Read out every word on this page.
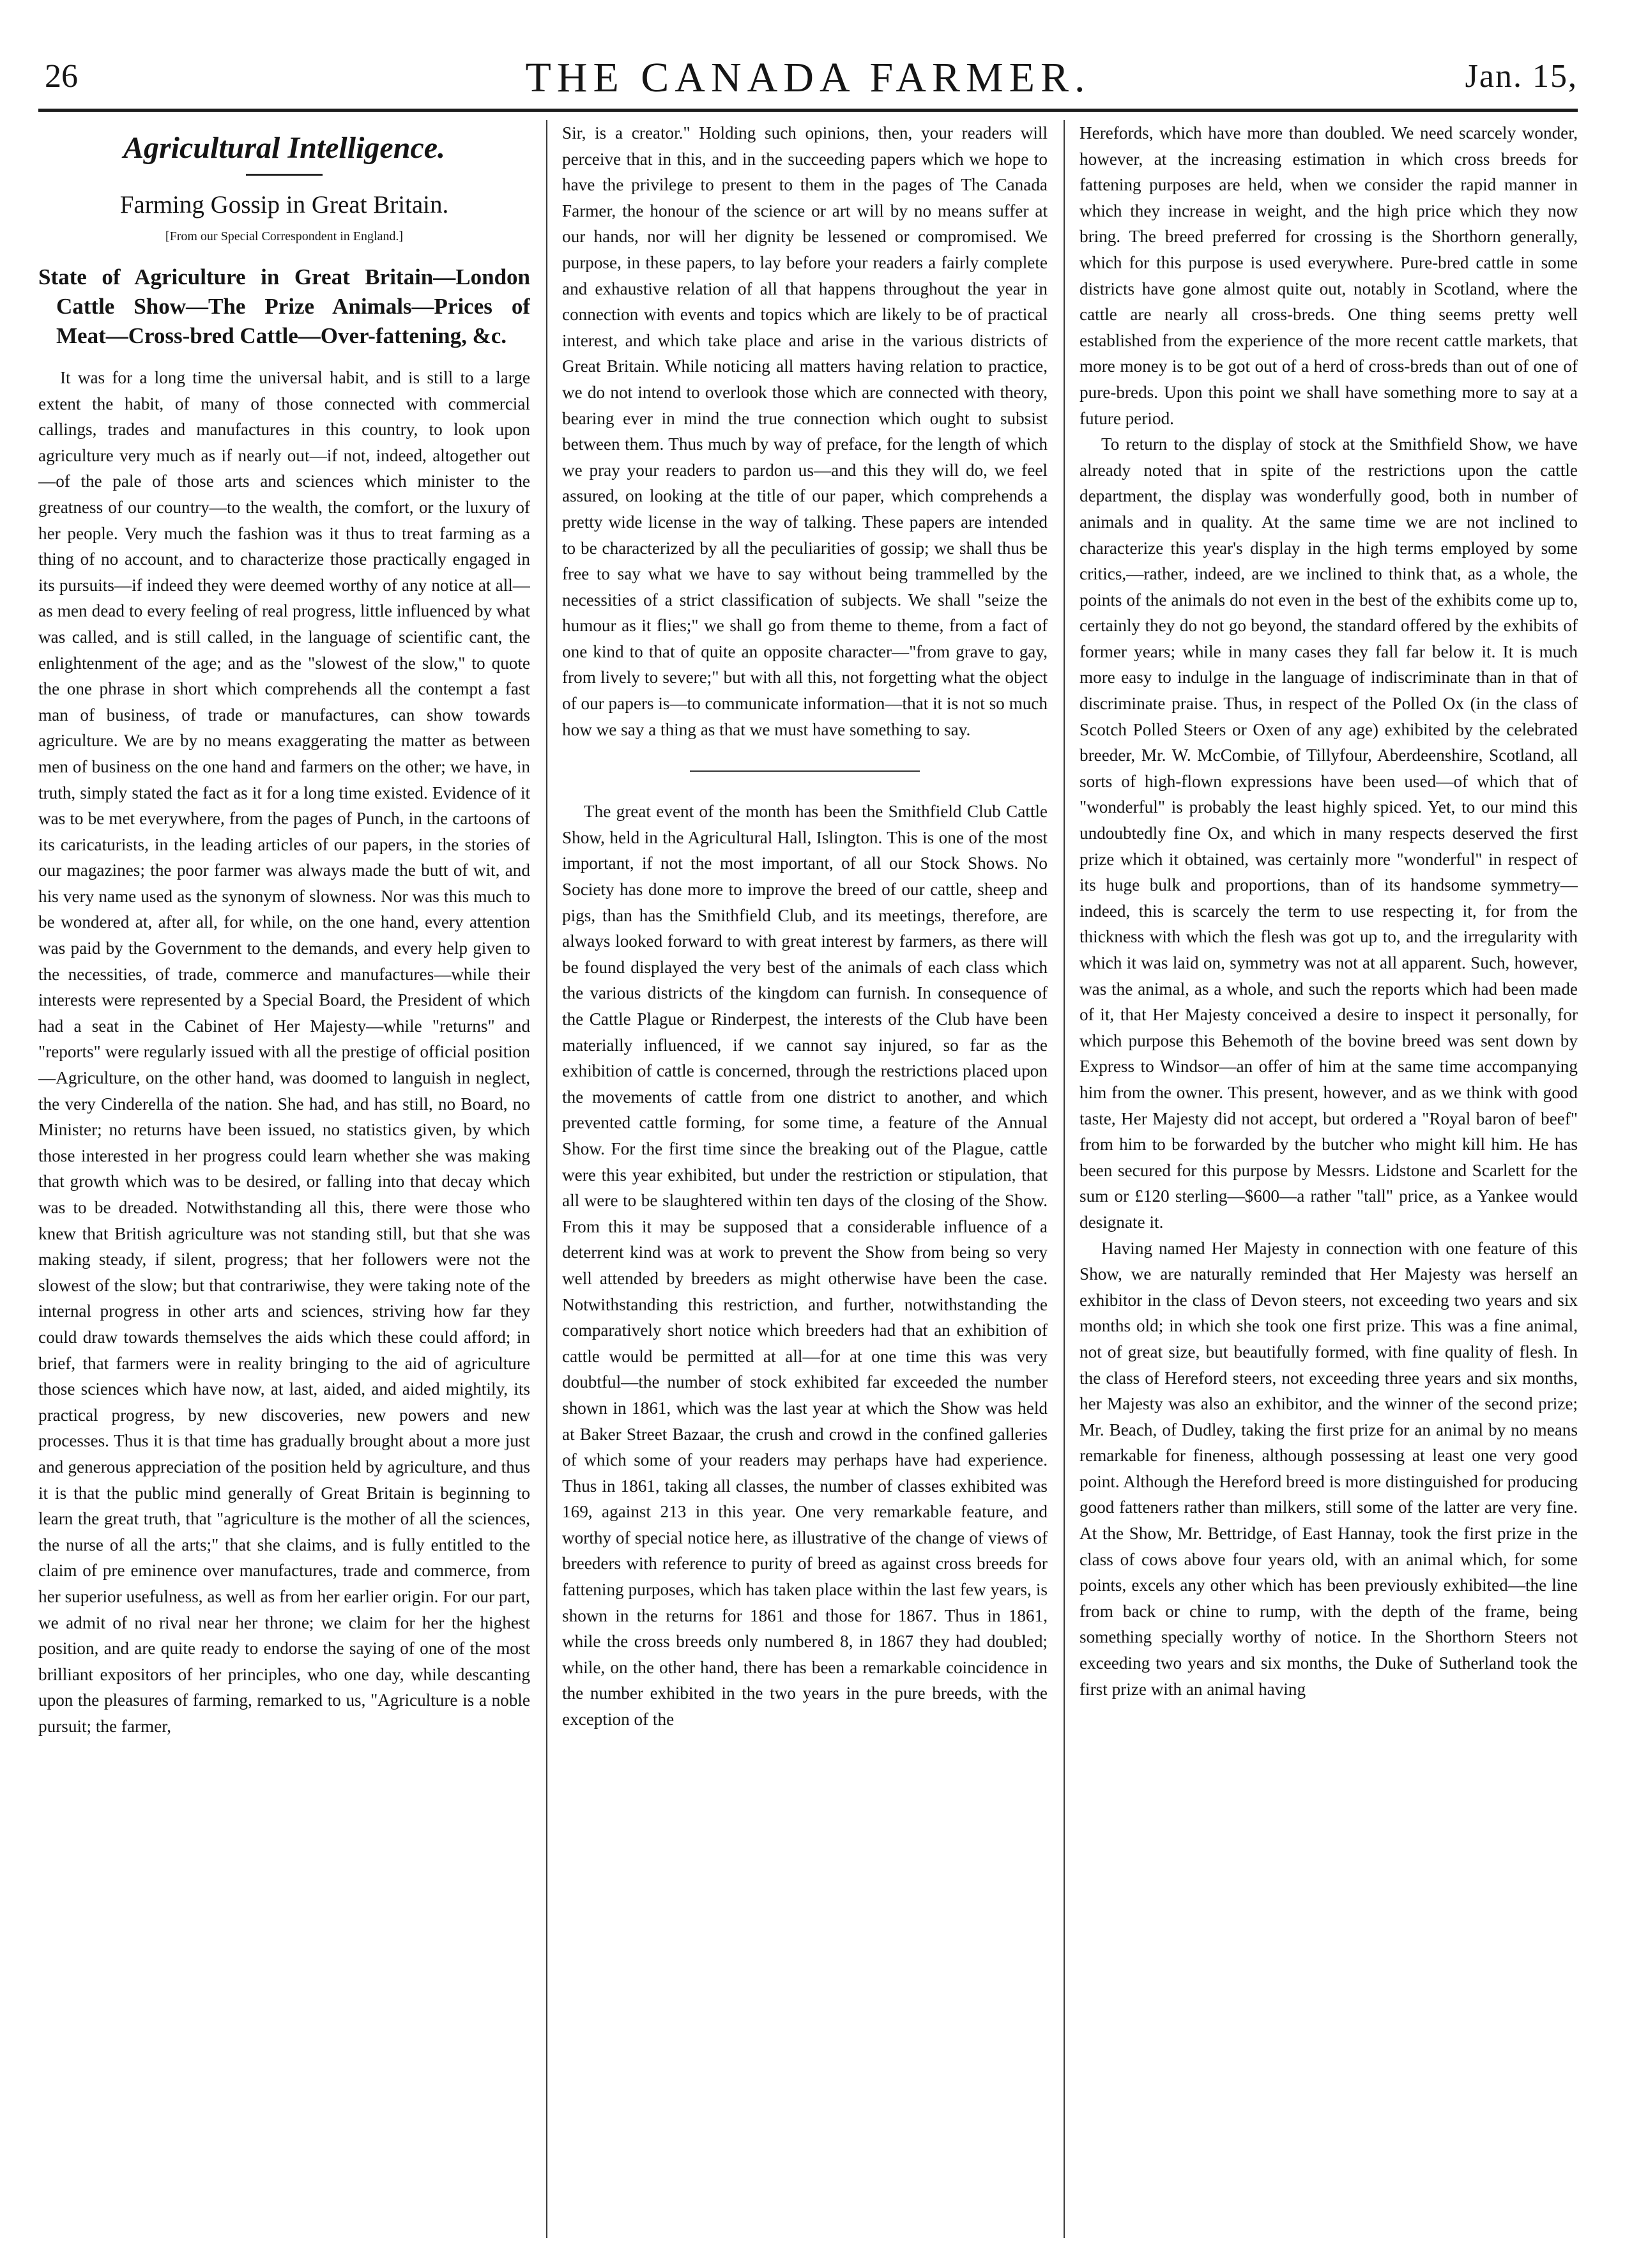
26	THE CANADA FARMER.	Jan. 15,

Agricultural Intelligence.

Farming Gossip in Great Britain.

[From our Special Correspondent in England.]

State of Agriculture in Great Britain—London Cattle Show—The Prize Animals—Prices of Meat—Cross-bred Cattle—Over-fattening, &c.

It was for a long time the universal habit, and is still to a large extent the habit, of many of those connected with commercial callings, trades and manufactures in this country, to look upon agriculture very much as if nearly out—if not, indeed, altogether out—of the pale of those arts and sciences which minister to the greatness of our country—to the wealth, the comfort, or the luxury of her people. Very much the fashion was it thus to treat farming as a thing of no account, and to characterize those practically engaged in its pursuits—if indeed they were deemed worthy of any notice at all—as men dead to every feeling of real progress, little influenced by what was called, and is still called, in the language of scientific cant, the enlightenment of the age; and as the "slowest of the slow," to quote the one phrase in short which comprehends all the contempt a fast man of business, of trade or manufactures, can show towards agriculture. We are by no means exaggerating the matter as between men of business on the one hand and farmers on the other; we have, in truth, simply stated the fact as it for a long time existed. Evidence of it was to be met everywhere, from the pages of Punch, in the cartoons of its caricaturists, in the leading articles of our papers, in the stories of our magazines; the poor farmer was always made the butt of wit, and his very name used as the synonym of slowness. Nor was this much to be wondered at, after all, for while, on the one hand, every attention was paid by the Government to the demands, and every help given to the necessities, of trade, commerce and manufactures—while their interests were represented by a Special Board, the President of which had a seat in the Cabinet of Her Majesty—while "returns" and "reports" were regularly issued with all the prestige of official position—Agriculture, on the other hand, was doomed to languish in neglect, the very Cinderella of the nation. She had, and has still, no Board, no Minister; no returns have been issued, no statistics given, by which those interested in her progress could learn whether she was making that growth which was to be desired, or falling into that decay which was to be dreaded. Notwithstanding all this, there were those who knew that British agriculture was not standing still, but that she was making steady, if silent, progress; that her followers were not the slowest of the slow; but that contrariwise, they were taking note of the internal progress in other arts and sciences, striving how far they could draw towards themselves the aids which these could afford; in brief, that farmers were in reality bringing to the aid of agriculture those sciences which have now, at last, aided, and aided mightily, its practical progress, by new discoveries, new powers and new processes. Thus it is that time has gradually brought about a more just and generous appreciation of the position held by agriculture, and thus it is that the public mind generally of Great Britain is beginning to learn the great truth, that "agriculture is the mother of all the sciences, the nurse of all the arts;" that she claims, and is fully entitled to the claim of pre eminence over manufactures, trade and commerce, from her superior usefulness, as well as from her earlier origin. For our part, we admit of no rival near her throne; we claim for her the highest position, and are quite ready to endorse the saying of one of the most brilliant expositors of her principles, who one day, while descanting upon the pleasures of farming, remarked to us, "Agriculture is a noble pursuit; the farmer,

Sir, is a creator." Holding such opinions, then, your readers will perceive that in this, and in the succeeding papers which we hope to have the privilege to present to them in the pages of The Canada Farmer, the honour of the science or art will by no means suffer at our hands, nor will her dignity be lessened or compromised. We purpose, in these papers, to lay before your readers a fairly complete and exhaustive relation of all that happens throughout the year in connection with events and topics which are likely to be of practical interest, and which take place and arise in the various districts of Great Britain. While noticing all matters having relation to practice, we do not intend to overlook those which are connected with theory, bearing ever in mind the true connection which ought to subsist between them. Thus much by way of preface, for the length of which we pray your readers to pardon us—and this they will do, we feel assured, on looking at the title of our paper, which comprehends a pretty wide license in the way of talking. These papers are intended to be characterized by all the peculiarities of gossip; we shall thus be free to say what we have to say without being trammelled by the necessities of a strict classification of subjects. We shall "seize the humour as it flies;" we shall go from theme to theme, from a fact of one kind to that of quite an opposite character—"from grave to gay, from lively to severe;" but with all this, not forgetting what the object of our papers is—to communicate information—that it is not so much how we say a thing as that we must have something to say.

The great event of the month has been the Smithfield Club Cattle Show, held in the Agricultural Hall, Islington. This is one of the most important, if not the most important, of all our Stock Shows. No Society has done more to improve the breed of our cattle, sheep and pigs, than has the Smithfield Club, and its meetings, therefore, are always looked forward to with great interest by farmers, as there will be found displayed the very best of the animals of each class which the various districts of the kingdom can furnish. In consequence of the Cattle Plague or Rinderpest, the interests of the Club have been materially influenced, if we cannot say injured, so far as the exhibition of cattle is concerned, through the restrictions placed upon the movements of cattle from one district to another, and which prevented cattle forming, for some time, a feature of the Annual Show. For the first time since the breaking out of the Plague, cattle were this year exhibited, but under the restriction or stipulation, that all were to be slaughtered within ten days of the closing of the Show. From this it may be supposed that a considerable influence of a deterrent kind was at work to prevent the Show from being so very well attended by breeders as might otherwise have been the case. Notwithstanding this restriction, and further, notwithstanding the comparatively short notice which breeders had that an exhibition of cattle would be permitted at all—for at one time this was very doubtful—the number of stock exhibited far exceeded the number shown in 1861, which was the last year at which the Show was held at Baker Street Bazaar, the crush and crowd in the confined galleries of which some of your readers may perhaps have had experience. Thus in 1861, taking all classes, the number of classes exhibited was 169, against 213 in this year. One very remarkable feature, and worthy of special notice here, as illustrative of the change of views of breeders with reference to purity of breed as against cross breeds for fattening purposes, which has taken place within the last few years, is shown in the returns for 1861 and those for 1867. Thus in 1861, while the cross breeds only numbered 8, in 1867 they had doubled; while, on the other hand, there has been a remarkable coincidence in the number exhibited in the two years in the pure breeds, with the exception of the

Herefords, which have more than doubled. We need scarcely wonder, however, at the increasing estimation in which cross breeds for fattening purposes are held, when we consider the rapid manner in which they increase in weight, and the high price which they now bring. The breed preferred for crossing is the Shorthorn generally, which for this purpose is used everywhere. Pure-bred cattle in some districts have gone almost quite out, notably in Scotland, where the cattle are nearly all cross-breds. One thing seems pretty well established from the experience of the more recent cattle markets, that more money is to be got out of a herd of cross-breds than out of one of pure-breds. Upon this point we shall have something more to say at a future period.

To return to the display of stock at the Smithfield Show, we have already noted that in spite of the restrictions upon the cattle department, the display was wonderfully good, both in number of animals and in quality. At the same time we are not inclined to characterize this year's display in the high terms employed by some critics,—rather, indeed, are we inclined to think that, as a whole, the points of the animals do not even in the best of the exhibits come up to, certainly they do not go beyond, the standard offered by the exhibits of former years; while in many cases they fall far below it. It is much more easy to indulge in the language of indiscriminate than in that of discriminate praise. Thus, in respect of the Polled Ox (in the class of Scotch Polled Steers or Oxen of any age) exhibited by the celebrated breeder, Mr. W. McCombie, of Tillyfour, Aberdeenshire, Scotland, all sorts of high-flown expressions have been used—of which that of "wonderful" is probably the least highly spiced. Yet, to our mind this undoubtedly fine Ox, and which in many respects deserved the first prize which it obtained, was certainly more "wonderful" in respect of its huge bulk and proportions, than of its handsome symmetry—indeed, this is scarcely the term to use respecting it, for from the thickness with which the flesh was got up to, and the irregularity with which it was laid on, symmetry was not at all apparent. Such, however, was the animal, as a whole, and such the reports which had been made of it, that Her Majesty conceived a desire to inspect it personally, for which purpose this Behemoth of the bovine breed was sent down by Express to Windsor—an offer of him at the same time accompanying him from the owner. This present, however, and as we think with good taste, Her Majesty did not accept, but ordered a "Royal baron of beef" from him to be forwarded by the butcher who might kill him. He has been secured for this purpose by Messrs. Lidstone and Scarlett for the sum or £120 sterling—$600—a rather "tall" price, as a Yankee would designate it.

Having named Her Majesty in connection with one feature of this Show, we are naturally reminded that Her Majesty was herself an exhibitor in the class of Devon steers, not exceeding two years and six months old; in which she took one first prize. This was a fine animal, not of great size, but beautifully formed, with fine quality of flesh. In the class of Hereford steers, not exceeding three years and six months, her Majesty was also an exhibitor, and the winner of the second prize; Mr. Beach, of Dudley, taking the first prize for an animal by no means remarkable for fineness, although possessing at least one very good point. Although the Hereford breed is more distinguished for producing good fatteners rather than milkers, still some of the latter are very fine. At the Show, Mr. Bettridge, of East Hannay, took the first prize in the class of cows above four years old, with an animal which, for some points, excels any other which has been previously exhibited—the line from back or chine to rump, with the depth of the frame, being something specially worthy of notice. In the Shorthorn Steers not exceeding two years and six months, the Duke of Sutherland took the first prize with an animal having
